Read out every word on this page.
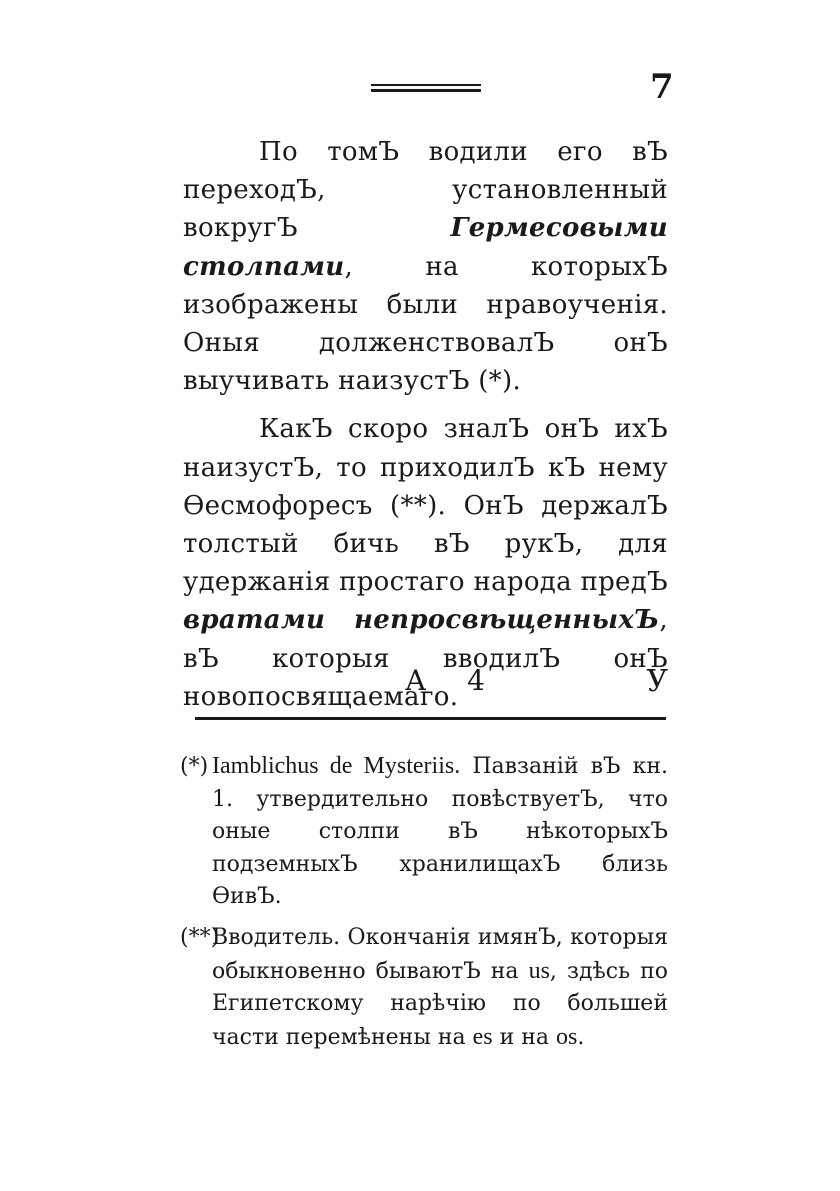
7

По томЪ водили его вЪ переходЪ, установленный вокругЪ Гермесовыми столпами, на которыхЪ изображены были нравоученія. Оныя долженствовалЪ онЪ выучивать наизустЪ (*).

КакЪ скоро зналЪ онЪ ихЪ наизустЪ, то приходилЪ кЪ нему Ѳесмофоресъ (**). ОнЪ держалЪ толстый бичь вЪ рукЪ, для удержанія простаго народа предЪ вратами непросвѣщенныхЪ, вЪ которыя вводилЪ онЪ новопосвящаемаго.

А 4	У

(*) Iamblichus de Mysteriis. Павзаній вЪ кн. 1. утвердительно повѣствуетЪ, что оные столпи вЪ нѣкоторыхЪ подземныхЪ хранилищахЪ близь ѲивЪ.

(**)Вводитель. Окончанія имянЪ, которыя обыкновенно бываютЪ на us, здѣсь по Египетскому нарѣчію по большей части перемѣнены на es и на os.
